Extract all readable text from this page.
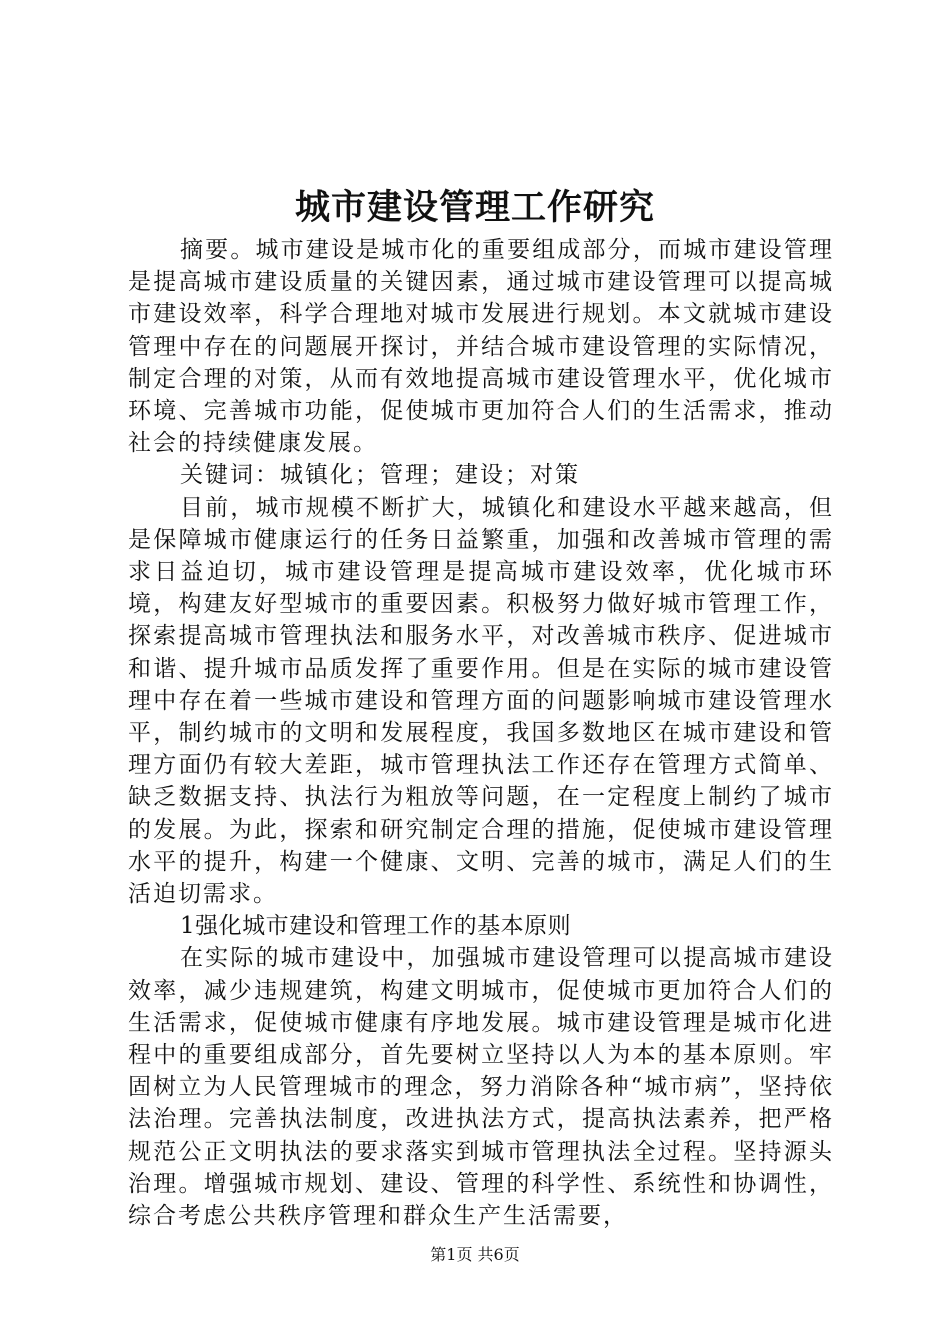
城市建设管理工作研究

摘要。城市建设是城市化的重要组成部分，而城市建设管理是提高城市建设质量的关键因素，通过城市建设管理可以提高城市建设效率，科学合理地对城市发展进行规划。本文就城市建设管理中存在的问题展开探讨，并结合城市建设管理的实际情况，制定合理的对策，从而有效地提高城市建设管理水平，优化城市环境、完善城市功能，促使城市更加符合人们的生活需求，推动社会的持续健康发展。

关键词：城镇化；管理；建设；对策

目前，城市规模不断扩大，城镇化和建设水平越来越高，但是保障城市健康运行的任务日益繁重，加强和改善城市管理的需求日益迫切，城市建设管理是提高城市建设效率，优化城市环境，构建友好型城市的重要因素。积极努力做好城市管理工作，探索提高城市管理执法和服务水平，对改善城市秩序、促进城市和谐、提升城市品质发挥了重要作用。但是在实际的城市建设管理中存在着一些城市建设和管理方面的问题影响城市建设管理水平，制约城市的文明和发展程度，我国多数地区在城市建设和管理方面仍有较大差距，城市管理执法工作还存在管理方式简单、缺乏数据支持、执法行为粗放等问题，在一定程度上制约了城市的发展。为此，探索和研究制定合理的措施，促使城市建设管理水平的提升，构建一个健康、文明、完善的城市，满足人们的生活迫切需求。

1强化城市建设和管理工作的基本原则

在实际的城市建设中，加强城市建设管理可以提高城市建设效率，减少违规建筑，构建文明城市，促使城市更加符合人们的生活需求，促使城市健康有序地发展。城市建设管理是城市化进程中的重要组成部分，首先要树立坚持以人为本的基本原则。牢固树立为人民管理城市的理念，努力消除各种“城市病”，坚持依法治理。完善执法制度，改进执法方式，提高执法素养，把严格规范公正文明执法的要求落实到城市管理执法全过程。坚持源头治理。增强城市规划、建设、管理的科学性、系统性和协调性，综合考虑公共秩序管理和群众生产生活需要，

第1页 共6页
